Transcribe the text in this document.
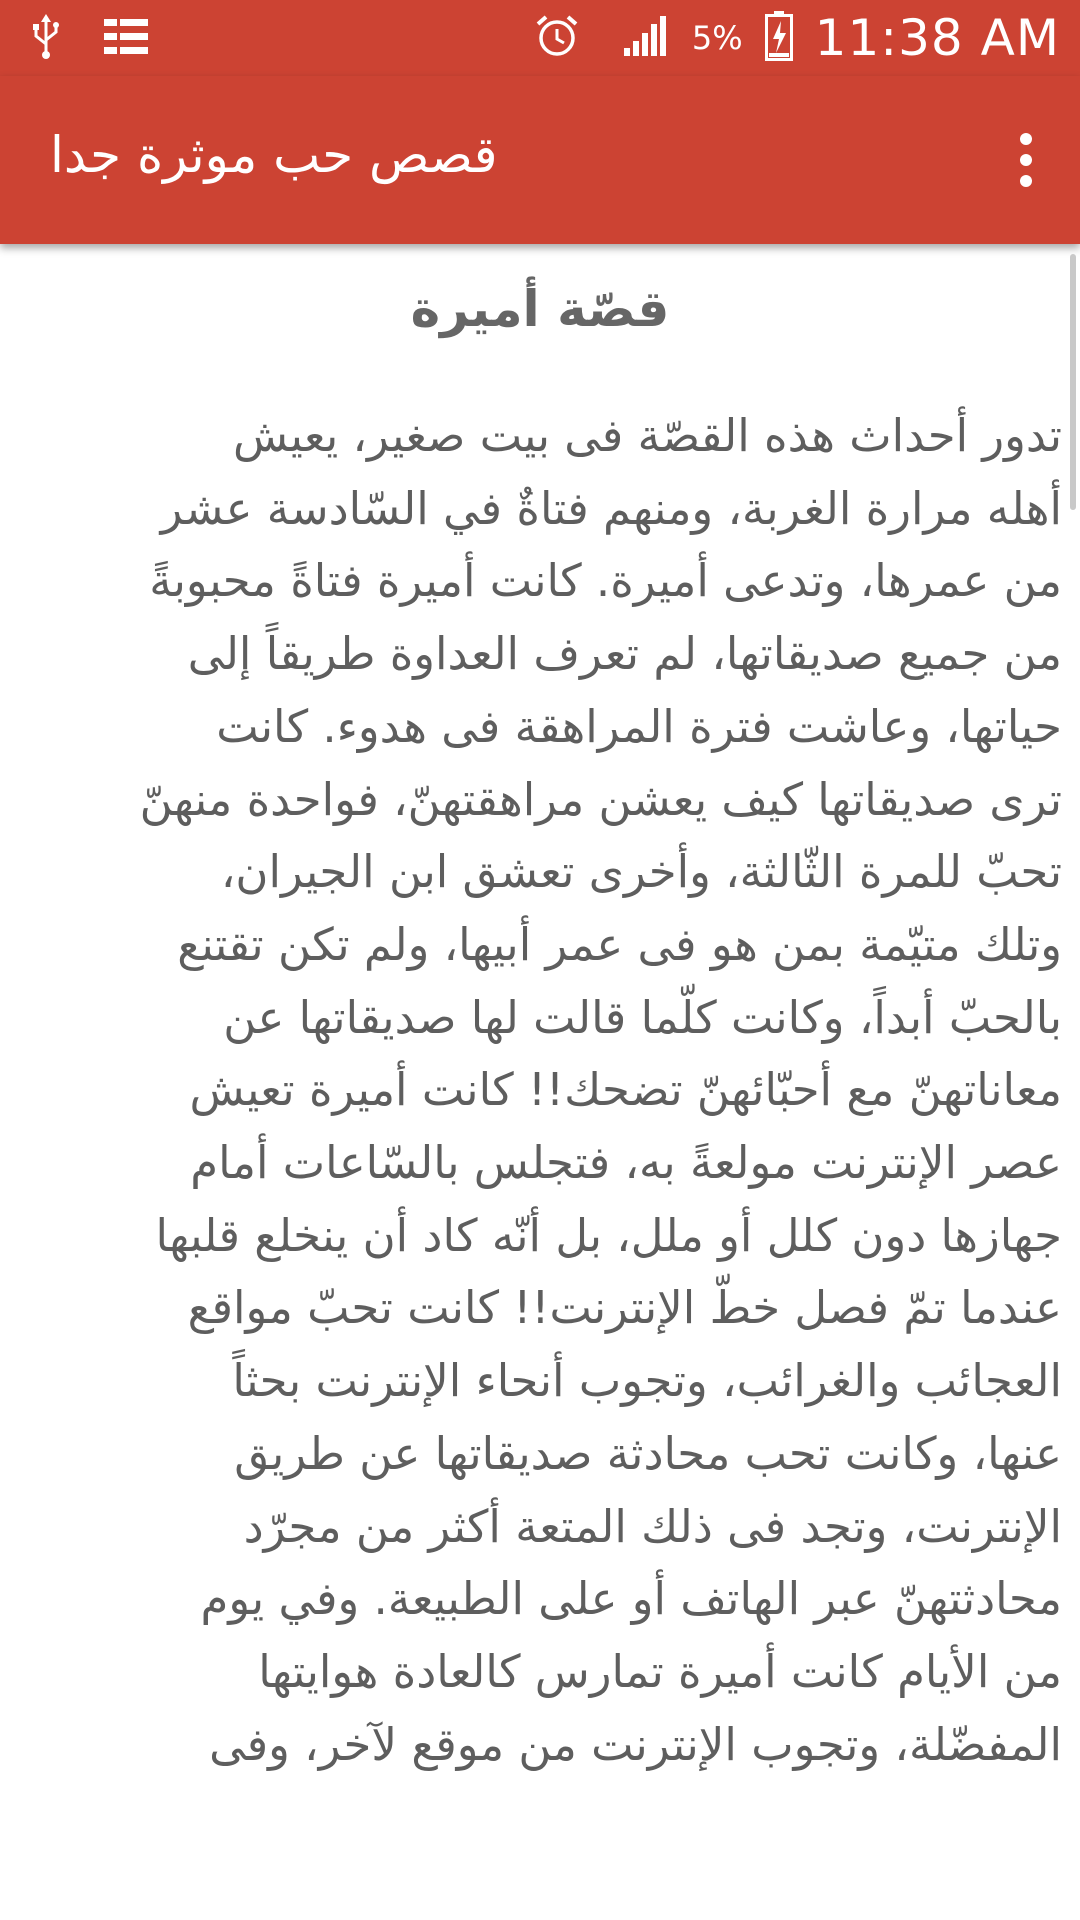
5% 11:38 AM
قصص حب موثرة جدا
قصّة أميرة

تدور أحداث هذه القصّة فى بيت صغير، يعيش
أهله مرارة الغربة، ومنهم فتاةٌ في السّادسة عشر
من عمرها، وتدعى أميرة. كانت أميرة فتاةً محبوبةً
من جميع صديقاتها، لم تعرف العداوة طريقاً إلى
حياتها، وعاشت فترة المراهقة فى هدوء. كانت
ترى صديقاتها كيف يعشن مراهقتهنّ، فواحدة منهنّ
تحبّ للمرة الثّالثة، وأخرى تعشق ابن الجيران،
وتلك متيّمة بمن هو فى عمر أبيها، ولم تكن تقتنع
بالحبّ أبداً، وكانت كلّما قالت لها صديقاتها عن
معاناتهنّ مع أحبّائهنّ تضحك!! كانت أميرة تعيش
عصر الإنترنت مولعةً به، فتجلس بالسّاعات أمام
جهازها دون كلل أو ملل، بل أنّه كاد أن ينخلع قلبها
عندما تمّ فصل خطّ الإنترنت!! كانت تحبّ مواقع
العجائب والغرائب، وتجوب أنحاء الإنترنت بحثاً
عنها، وكانت تحب محادثة صديقاتها عن طريق
الإنترنت، وتجد فى ذلك المتعة أكثر من مجرّد
محادثتهنّ عبر الهاتف أو على الطبيعة. وفي يوم
من الأيام كانت أميرة تمارس كالعادة هوايتها
المفضّلة، وتجوب الإنترنت من موقع لآخر، وفى
